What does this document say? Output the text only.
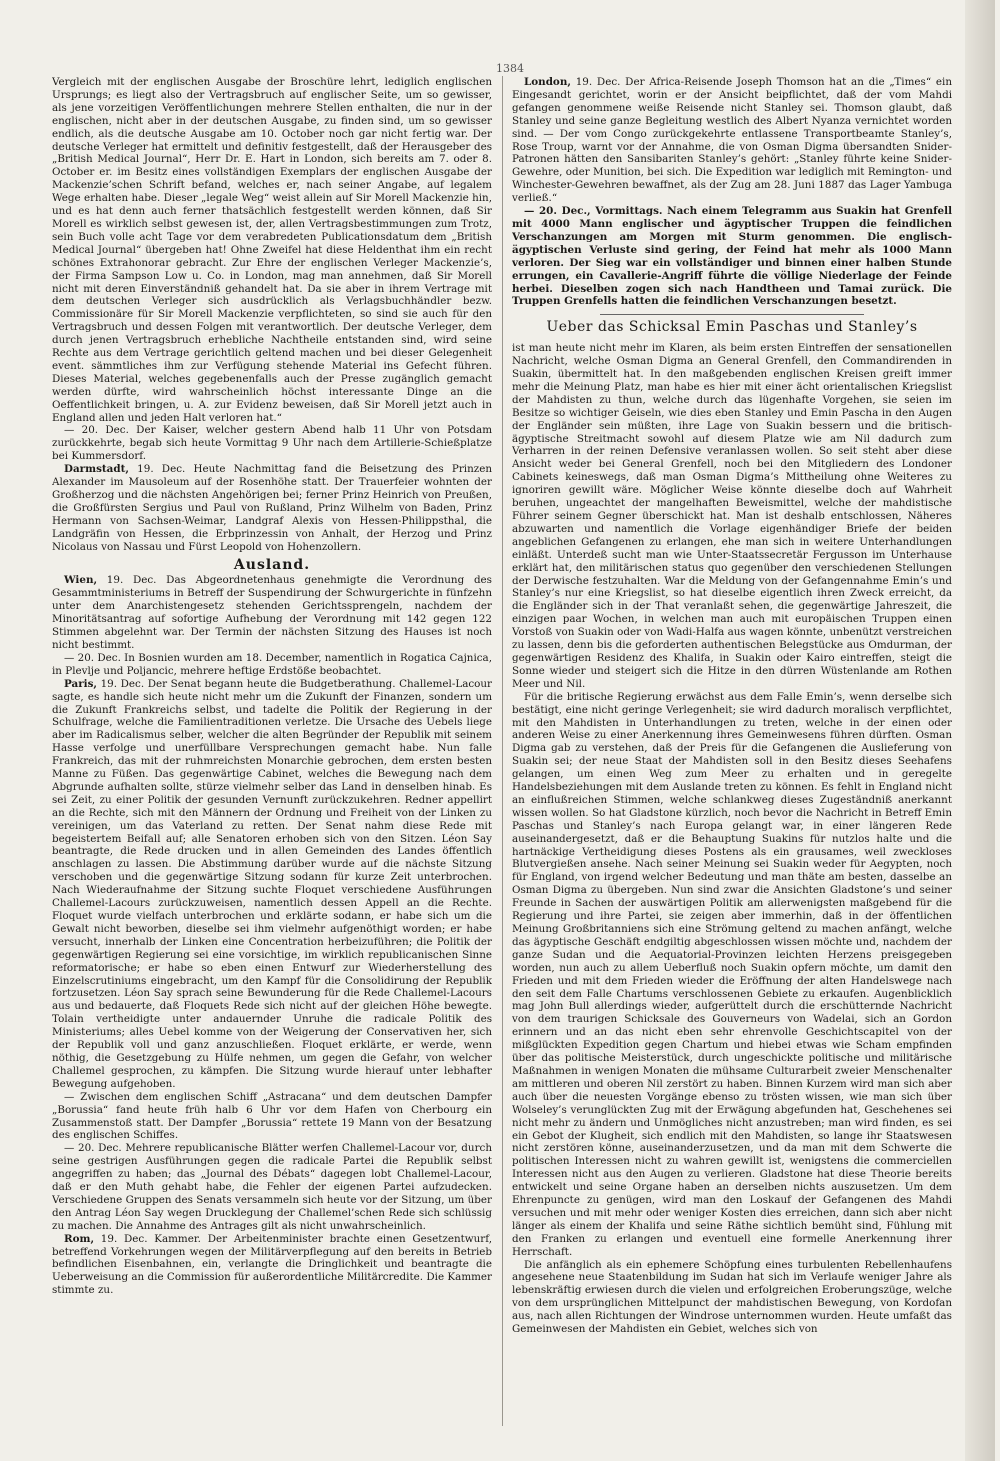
1384

Vergleich mit der englischen Ausgabe der Broschüre lehrt, lediglich englischen Ursprungs; es liegt also der Vertragsbruch auf englischer Seite, um so gewisser, als jene vorzeitigen Veröffentlichungen mehrere Stellen enthalten, die nur in der englischen, nicht aber in der deutschen Ausgabe, zu finden sind, um so gewisser endlich, als die deutsche Ausgabe am 10. October noch gar nicht fertig war. Der deutsche Verleger hat ermittelt und definitiv festgestellt, daß der Herausgeber des „British Medical Journal“, Herr Dr. E. Hart in London, sich bereits am 7. oder 8. October er. im Besitz eines vollständigen Exemplars der englischen Ausgabe der Mackenzie’schen Schrift befand, welches er, nach seiner Angabe, auf legalem Wege erhalten habe. Dieser „legale Weg“ weist allein auf Sir Morell Mackenzie hin, und es hat denn auch ferner thatsächlich festgestellt werden können, daß Sir Morell es wirklich selbst gewesen ist, der, allen Vertragsbestimmungen zum Trotz, sein Buch volle acht Tage vor dem verabredeten Publicationsdatum dem „British Medical Journal“ übergeben hat! Ohne Zweifel hat diese Heldenthat ihm ein recht schönes Extrahonorar gebracht. Zur Ehre der englischen Verleger Mackenzie’s, der Firma Sampson Low u. Co. in London, mag man annehmen, daß Sir Morell nicht mit deren Einverständniß gehandelt hat. Da sie aber in ihrem Vertrage mit dem deutschen Verleger sich ausdrücklich als Verlagsbuchhändler bezw. Commissionäre für Sir Morell Mackenzie verpflichteten, so sind sie auch für den Vertragsbruch und dessen Folgen mit verantwortlich. Der deutsche Verleger, dem durch jenen Vertragsbruch erhebliche Nachtheile entstanden sind, wird seine Rechte aus dem Vertrage gerichtlich geltend machen und bei dieser Gelegenheit event. sämmtliches ihm zur Verfügung stehende Material ins Gefecht führen. Dieses Material, welches gegebenenfalls auch der Presse zugänglich gemacht werden dürfte, wird wahrscheinlich höchst interessante Dinge an die Oeffentlichkeit bringen, u. A. zur Evidenz beweisen, daß Sir Morell jetzt auch in England allen und jeden Halt verloren hat.“

— 20. Dec. Der Kaiser, welcher gestern Abend halb 11 Uhr von Potsdam zurückkehrte, begab sich heute Vormittag 9 Uhr nach dem Artillerie-Schießplatze bei Kummersdorf.

Darmstadt, 19. Dec. Heute Nachmittag fand die Beisetzung des Prinzen Alexander im Mausoleum auf der Rosenhöhe statt. Der Trauerfeier wohnten der Großherzog und die nächsten Angehörigen bei; ferner Prinz Heinrich von Preußen, die Großfürsten Sergius und Paul von Rußland, Prinz Wilhelm von Baden, Prinz Hermann von Sachsen-Weimar, Landgraf Alexis von Hessen-Philippsthal, die Landgräfin von Hessen, die Erbprinzessin von Anhalt, der Herzog und Prinz Nicolaus von Nassau und Fürst Leopold von Hohenzollern.

Ausland.

Wien, 19. Dec. Das Abgeordnetenhaus genehmigte die Verordnung des Gesammtministeriums in Betreff der Suspendirung der Schwurgerichte in fünfzehn unter dem Anarchistengesetz stehenden Gerichtssprengeln, nachdem der Minoritätsantrag auf sofortige Aufhebung der Verordnung mit 142 gegen 122 Stimmen abgelehnt war. Der Termin der nächsten Sitzung des Hauses ist noch nicht bestimmt.

— 20. Dec. In Bosnien wurden am 18. December, namentlich in Rogatica Cajnica, in Plevlje und Poljancic, mehrere heftige Erdstöße beobachtet.

Paris, 19. Dec. Der Senat begann heute die Budgetberathung. Challemel-Lacour sagte, es handle sich heute nicht mehr um die Zukunft der Finanzen, sondern um die Zukunft Frankreichs selbst, und tadelte die Politik der Regierung in der Schulfrage, welche die Familientraditionen verletze. Die Ursache des Uebels liege aber im Radicalismus selber, welcher die alten Begründer der Republik mit seinem Hasse verfolge und unerfüllbare Versprechungen gemacht habe. Nun falle Frankreich, das mit der ruhmreichsten Monarchie gebrochen, dem ersten besten Manne zu Füßen. Das gegenwärtige Cabinet, welches die Bewegung nach dem Abgrunde aufhalten sollte, stürze vielmehr selber das Land in denselben hinab. Es sei Zeit, zu einer Politik der gesunden Vernunft zurückzukehren. Redner appellirt an die Rechte, sich mit den Männern der Ordnung und Freiheit von der Linken zu vereinigen, um das Vaterland zu retten. Der Senat nahm diese Rede mit begeistertem Beifall auf; alle Senatoren erhoben sich von den Sitzen. Léon Say beantragte, die Rede drucken und in allen Gemeinden des Landes öffentlich anschlagen zu lassen. Die Abstimmung darüber wurde auf die nächste Sitzung verschoben und die gegenwärtige Sitzung sodann für kurze Zeit unterbrochen. Nach Wiederaufnahme der Sitzung suchte Floquet verschiedene Ausführungen Challemel-Lacours zurückzuweisen, namentlich dessen Appell an die Rechte. Floquet wurde vielfach unterbrochen und erklärte sodann, er habe sich um die Gewalt nicht beworben, dieselbe sei ihm vielmehr aufgenöthigt worden; er habe versucht, innerhalb der Linken eine Concentration herbeizuführen; die Politik der gegenwärtigen Regierung sei eine vorsichtige, im wirklich republicanischen Sinne reformatorische; er habe so eben einen Entwurf zur Wiederherstellung des Einzelscrutiniums eingebracht, um den Kampf für die Consolidirung der Republik fortzusetzen. Léon Say sprach seine Bewunderung für die Rede Challemel-Lacours aus und bedauerte, daß Floquets Rede sich nicht auf der gleichen Höhe bewegte. Tolain vertheidigte unter andauernder Unruhe die radicale Politik des Ministeriums; alles Uebel komme von der Weigerung der Conservativen her, sich der Republik voll und ganz anzuschließen. Floquet erklärte, er werde, wenn nöthig, die Gesetzgebung zu Hülfe nehmen, um gegen die Gefahr, von welcher Challemel gesprochen, zu kämpfen. Die Sitzung wurde hierauf unter lebhafter Bewegung aufgehoben.

— Zwischen dem englischen Schiff „Astracana“ und dem deutschen Dampfer „Borussia“ fand heute früh halb 6 Uhr vor dem Hafen von Cherbourg ein Zusammenstoß statt. Der Dampfer „Borussia“ rettete 19 Mann von der Besatzung des englischen Schiffes.

— 20. Dec. Mehrere republicanische Blätter werfen Challemel-Lacour vor, durch seine gestrigen Ausführungen gegen die radicale Partei die Republik selbst angegriffen zu haben; das „Journal des Débats“ dagegen lobt Challemel-Lacour, daß er den Muth gehabt habe, die Fehler der eigenen Partei aufzudecken. Verschiedene Gruppen des Senats versammeln sich heute vor der Sitzung, um über den Antrag Léon Say wegen Drucklegung der Challemel’schen Rede sich schlüssig zu machen. Die Annahme des Antrages gilt als nicht unwahrscheinlich.

Rom, 19. Dec. Kammer. Der Arbeitenminister brachte einen Gesetzentwurf, betreffend Vorkehrungen wegen der Militärverpflegung auf den bereits in Betrieb befindlichen Eisenbahnen, ein, verlangte die Dringlichkeit und beantragte die Ueberweisung an die Commission für außerordentliche Militärcredite. Die Kammer stimmte zu.

London, 19. Dec. Der Africa-Reisende Joseph Thomson hat an die „Times“ ein Eingesandt gerichtet, worin er der Ansicht beipflichtet, daß der vom Mahdi gefangen genommene weiße Reisende nicht Stanley sei. Thomson glaubt, daß Stanley und seine ganze Begleitung westlich des Albert Nyanza vernichtet worden sind. — Der vom Congo zurückgekehrte entlassene Transportbeamte Stanley’s, Rose Troup, warnt vor der Annahme, die von Osman Digma übersandten Snider-Patronen hätten den Sansibariten Stanley’s gehört: „Stanley führte keine Snider-Gewehre, oder Munition, bei sich. Die Expedition war lediglich mit Remington- und Winchester-Gewehren bewaffnet, als der Zug am 28. Juni 1887 das Lager Yambuga verließ.“

— 20. Dec., Vormittags. Nach einem Telegramm aus Suakin hat Grenfell mit 4000 Mann englischer und ägyptischer Truppen die feindlichen Verschanzungen am Morgen mit Sturm genommen. Die englisch-ägyptischen Verluste sind gering, der Feind hat mehr als 1000 Mann verloren. Der Sieg war ein vollständiger und binnen einer halben Stunde errungen, ein Cavallerie-Angriff führte die völlige Niederlage der Feinde herbei. Dieselben zogen sich nach Handtheen und Tamai zurück. Die Truppen Grenfells hatten die feindlichen Verschanzungen besetzt.

Ueber das Schicksal Emin Paschas und Stanley’s

ist man heute nicht mehr im Klaren, als beim ersten Eintreffen der sensationellen Nachricht, welche Osman Digma an General Grenfell, den Commandirenden in Suakin, übermittelt hat. In den maßgebenden englischen Kreisen greift immer mehr die Meinung Platz, man habe es hier mit einer ächt orientalischen Kriegslist der Mahdisten zu thun, welche durch das lügenhafte Vorgehen, sie seien im Besitze so wichtiger Geiseln, wie dies eben Stanley und Emin Pascha in den Augen der Engländer sein müßten, ihre Lage von Suakin bessern und die britisch-ägyptische Streitmacht sowohl auf diesem Platze wie am Nil dadurch zum Verharren in der reinen Defensive veranlassen wollen. So seit steht aber diese Ansicht weder bei General Grenfell, noch bei den Mitgliedern des Londoner Cabinets keineswegs, daß man Osman Digma’s Mittheilung ohne Weiteres zu ignoriren gewillt wäre. Möglicher Weise könnte dieselbe doch auf Wahrheit beruhen, ungeachtet der mangelhaften Beweismittel, welche der mahdistische Führer seinem Gegner überschickt hat. Man ist deshalb entschlossen, Näheres abzuwarten und namentlich die Vorlage eigenhändiger Briefe der beiden angeblichen Gefangenen zu erlangen, ehe man sich in weitere Unterhandlungen einläßt. Unterdeß sucht man wie Unter-Staatssecretär Fergusson im Unterhause erklärt hat, den militärischen status quo gegenüber den verschiedenen Stellungen der Derwische festzuhalten. War die Meldung von der Gefangennahme Emin’s und Stanley’s nur eine Kriegslist, so hat dieselbe eigentlich ihren Zweck erreicht, da die Engländer sich in der That veranlaßt sehen, die gegenwärtige Jahreszeit, die einzigen paar Wochen, in welchen man auch mit europäischen Truppen einen Vorstoß von Suakin oder von Wadi-Halfa aus wagen könnte, unbenützt verstreichen zu lassen, denn bis die geforderten authentischen Belegstücke aus Omdurman, der gegenwärtigen Residenz des Khalifa, in Suakin oder Kairo eintreffen, steigt die Sonne wieder und steigert sich die Hitze in den dürren Wüstenlande am Rothen Meer und Nil.

Für die britische Regierung erwächst aus dem Falle Emin’s, wenn derselbe sich bestätigt, eine nicht geringe Verlegenheit; sie wird dadurch moralisch verpflichtet, mit den Mahdisten in Unterhandlungen zu treten, welche in der einen oder anderen Weise zu einer Anerkennung ihres Gemeinwesens führen dürften. Osman Digma gab zu verstehen, daß der Preis für die Gefangenen die Auslieferung von Suakin sei; der neue Staat der Mahdisten soll in den Besitz dieses Seehafens gelangen, um einen Weg zum Meer zu erhalten und in geregelte Handelsbeziehungen mit dem Auslande treten zu können. Es fehlt in England nicht an einflußreichen Stimmen, welche schlankweg dieses Zugeständniß anerkannt wissen wollen. So hat Gladstone kürzlich, noch bevor die Nachricht in Betreff Emin Paschas und Stanley’s nach Europa gelangt war, in einer längeren Rede auseinandergesetzt, daß er die Behauptung Suakins für nutzlos halte und die hartnäckige Vertheidigung dieses Postens als ein grausames, weil zweckloses Blutvergießen ansehe. Nach seiner Meinung sei Suakin weder für Aegypten, noch für England, von irgend welcher Bedeutung und man thäte am besten, dasselbe an Osman Digma zu übergeben. Nun sind zwar die Ansichten Gladstone’s und seiner Freunde in Sachen der auswärtigen Politik am allerwenigsten maßgebend für die Regierung und ihre Partei, sie zeigen aber immerhin, daß in der öffentlichen Meinung Großbritanniens sich eine Strömung geltend zu machen anfängt, welche das ägyptische Geschäft endgiltig abgeschlossen wissen möchte und, nachdem der ganze Sudan und die Aequatorial-Provinzen leichten Herzens preisgegeben worden, nun auch zu allem Ueberfluß noch Suakin opfern möchte, um damit den Frieden und mit dem Frieden wieder die Eröffnung der alten Handelswege nach den seit dem Falle Chartums verschlossenen Gebiete zu erkaufen. Augenblicklich mag John Bull allerdings wieder, aufgerüttelt durch die erschütternde Nachricht von dem traurigen Schicksale des Gouverneurs von Wadelai, sich an Gordon erinnern und an das nicht eben sehr ehrenvolle Geschichtscapitel von der mißglückten Expedition gegen Chartum und hiebei etwas wie Scham empfinden über das politische Meisterstück, durch ungeschickte politische und militärische Maßnahmen in wenigen Monaten die mühsame Culturarbeit zweier Menschenalter am mittleren und oberen Nil zerstört zu haben. Binnen Kurzem wird man sich aber auch über die neuesten Vorgänge ebenso zu trösten wissen, wie man sich über Wolseley’s verunglückten Zug mit der Erwägung abgefunden hat, Geschehenes sei nicht mehr zu ändern und Unmögliches nicht anzustreben; man wird finden, es sei ein Gebot der Klugheit, sich endlich mit den Mahdisten, so lange ihr Staatswesen nicht zerstören könne, auseinanderzusetzen, und da man mit dem Schwerte die politischen Interessen nicht zu wahren gewillt ist, wenigstens die commerciellen Interessen nicht aus den Augen zu verlieren. Gladstone hat diese Theorie bereits entwickelt und seine Organe haben an derselben nichts auszusetzen. Um dem Ehrenpuncte zu genügen, wird man den Loskauf der Gefangenen des Mahdi versuchen und mit mehr oder weniger Kosten dies erreichen, dann sich aber nicht länger als einem der Khalifa und seine Räthe sichtlich bemüht sind, Fühlung mit den Franken zu erlangen und eventuell eine formelle Anerkennung ihrer Herrschaft.

Die anfänglich als ein ephemere Schöpfung eines turbulenten Rebellenhaufens angesehene neue Staatenbildung im Sudan hat sich im Verlaufe weniger Jahre als lebenskräftig erwiesen durch die vielen und erfolgreichen Eroberungszüge, welche von dem ursprünglichen Mittelpunct der mahdistischen Bewegung, von Kordofan aus, nach allen Richtungen der Windrose unternommen wurden. Heute umfaßt das Gemeinwesen der Mahdisten ein Gebiet, welches sich von
